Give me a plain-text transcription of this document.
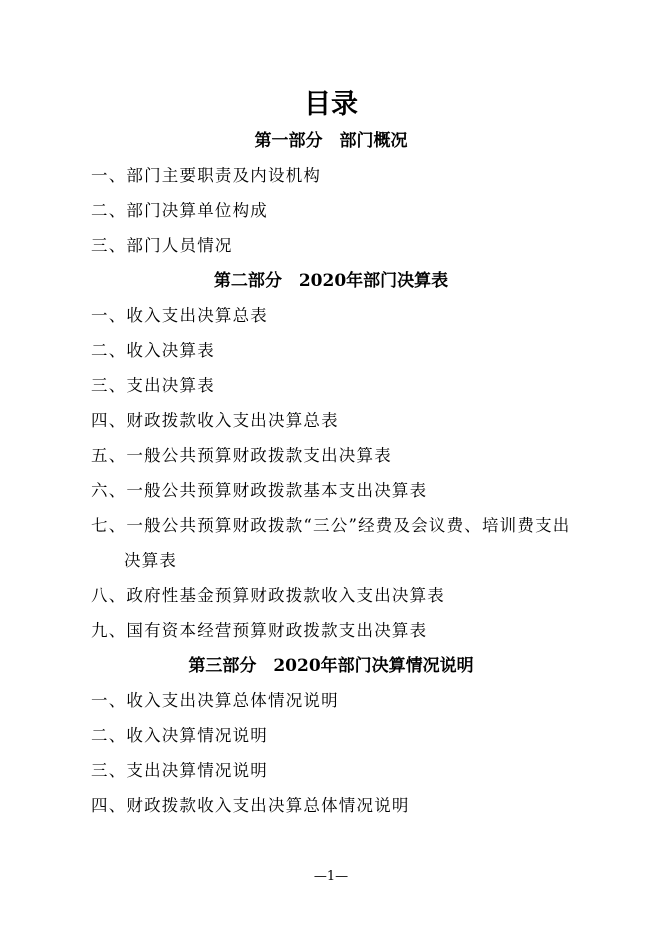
目录
第一部分　部门概况
一、部门主要职责及内设机构
二、部门决算单位构成
三、部门人员情况
第二部分　2020年部门决算表
一、收入支出决算总表
二、收入决算表
三、支出决算表
四、财政拨款收入支出决算总表
五、一般公共预算财政拨款支出决算表
六、一般公共预算财政拨款基本支出决算表
七、一般公共预算财政拨款“三公”经费及会议费、培训费支出
决算表
八、政府性基金预算财政拨款收入支出决算表
九、国有资本经营预算财政拨款支出决算表
第三部分　2020年部门决算情况说明
一、收入支出决算总体情况说明
二、收入决算情况说明
三、支出决算情况说明
四、财政拨款收入支出决算总体情况说明
—1—
